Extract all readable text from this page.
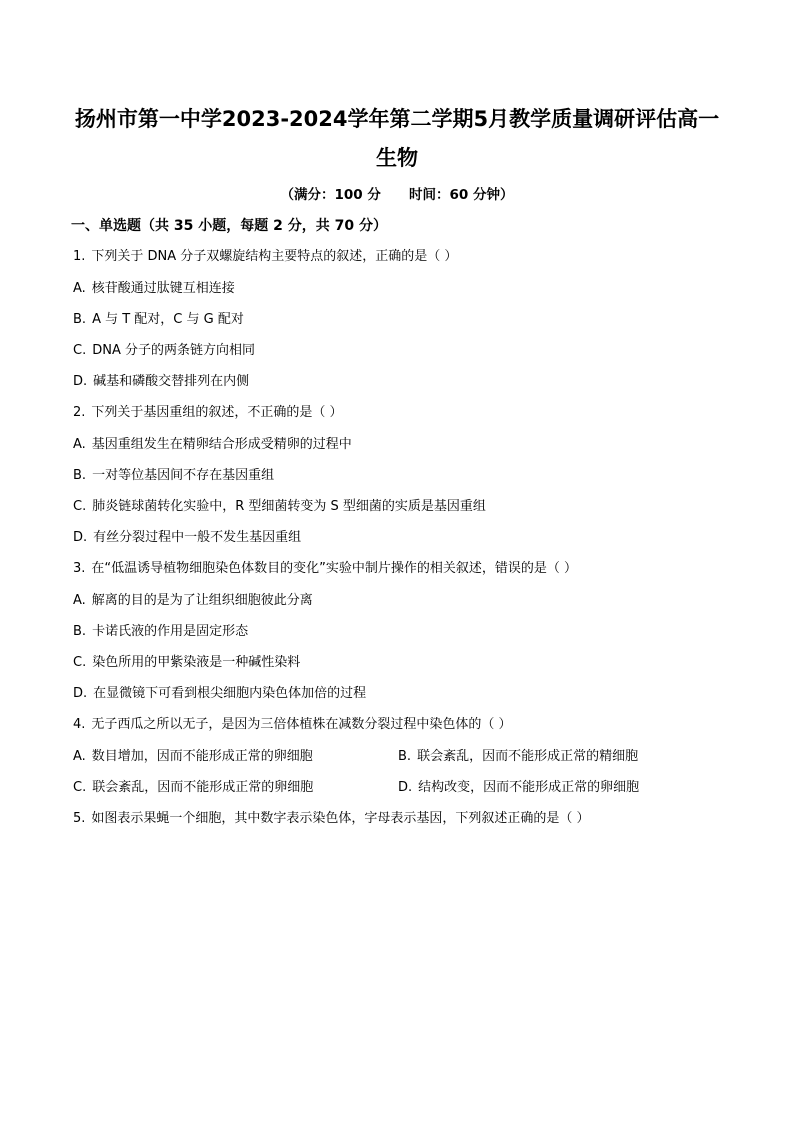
扬州市第一中学2023-2024学年第二学期5月教学质量调研评估高一
生物
（满分：100 分      时间：60 分钟）
一、单选题（共 35 小题，每题 2 分，共 70 分）
1. 下列关于 DNA 分子双螺旋结构主要特点的叙述，正确的是（ ）
A. 核苷酸通过肽键互相连接
B. A 与 T 配对，C 与 G 配对
C. DNA 分子的两条链方向相同
D. 碱基和磷酸交替排列在内侧
2. 下列关于基因重组的叙述，不正确的是（ ）
A. 基因重组发生在精卵结合形成受精卵的过程中
B. 一对等位基因间不存在基因重组
C. 肺炎链球菌转化实验中，R 型细菌转变为 S 型细菌的实质是基因重组
D. 有丝分裂过程中一般不发生基因重组
3. 在“低温诱导植物细胞染色体数目的变化”实验中制片操作的相关叙述，错误的是（ ）
A. 解离的目的是为了让组织细胞彼此分离
B. 卡诺氏液的作用是固定形态
C. 染色所用的甲紫染液是一种碱性染料
D. 在显微镜下可看到根尖细胞内染色体加倍的过程
4. 无子西瓜之所以无子，是因为三倍体植株在减数分裂过程中染色体的（ ）
A. 数目增加，因而不能形成正常的卵细胞	B. 联会紊乱，因而不能形成正常的精细胞
C. 联会紊乱，因而不能形成正常的卵细胞	D. 结构改变，因而不能形成正常的卵细胞
5. 如图表示果蝇一个细胞，其中数字表示染色体，字母表示基因，下列叙述正确的是（ ）
